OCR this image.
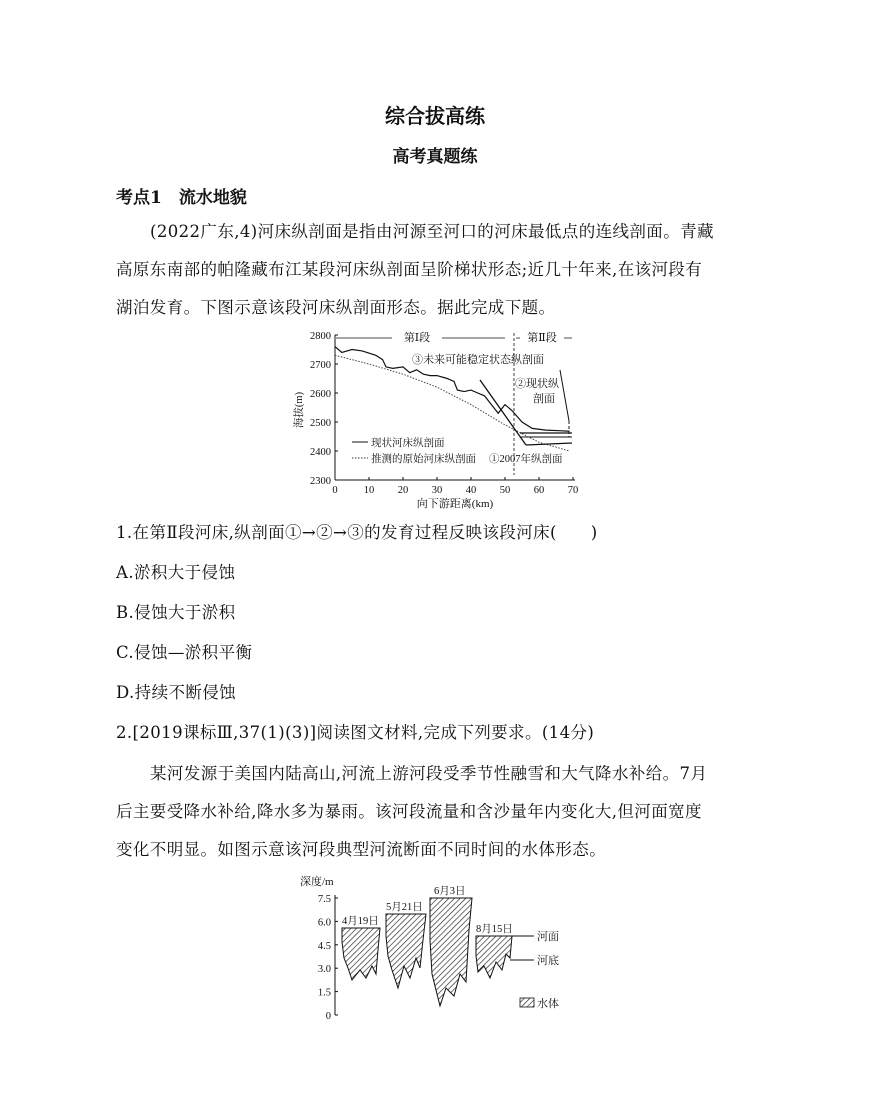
综合拔高练
高考真题练
考点1　流水地貌
(2022广东,4)河床纵剖面是指由河源至河口的河床最低点的连线剖面。青藏
高原东南部的帕隆藏布江某段河床纵剖面呈阶梯状形态;近几十年来,在该河段有
湖泊发育。下图示意该段河床纵剖面形态。据此完成下题。
0 10 20 30 40 50 60 70
2300
2400
2500
2600
2700
2800	第Ⅰ段	第Ⅱ段
③未来可能稳定状态纵剖面
②现状纵
剖面
现状河床纵剖面
推测的原始河床纵剖面 ①2007年纵剖面
海拔(m)
向下游距离(km)
1.在第Ⅱ段河床,纵剖面①→②→③的发育过程反映该段河床(　　)
A.淤积大于侵蚀
B.侵蚀大于淤积
C.侵蚀—淤积平衡
D.持续不断侵蚀
2.[2019课标Ⅲ,37(1)(3)]阅读图文材料,完成下列要求。(14分)
某河发源于美国内陆高山,河流上游河段受季节性融雪和大气降水补给。7月
后主要受降水补给,降水多为暴雨。该河段流量和含沙量年内变化大,但河面宽度
变化不明显。如图示意该河段典型河流断面不同时间的水体形态。
深度/m
0
1.5
3.0
4.5
6.0
7.5
4月19日
5月21日
6月3日
8月15日
河面
河底
水体
